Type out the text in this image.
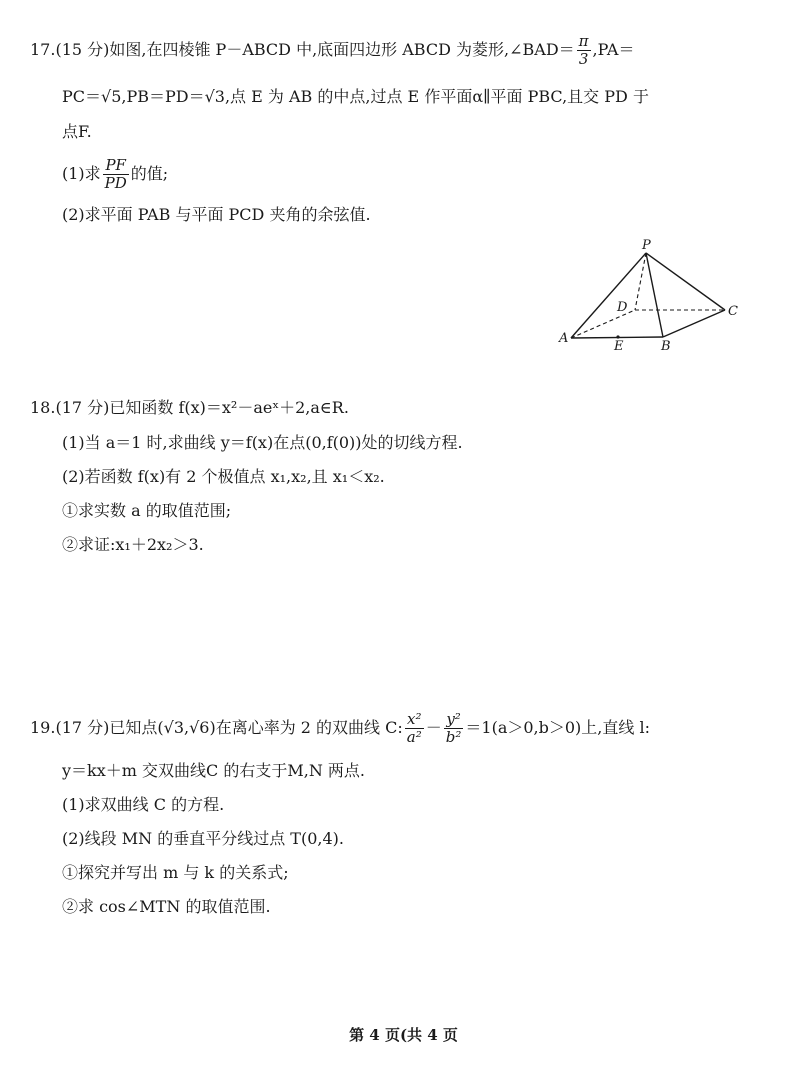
17.(15 分)如图,在四棱锥 P－ABCD 中,底面四边形 ABCD 为菱形,∠BAD＝ $\frac{\pi}{3} ,PA=$
PC＝√5,PB＝PD＝√3,点 E 为 AB 的中点,过点 E 作平面α∥平面 PBC,且交 PD 于
点F.
(1)求 $\frac{PF}{PD}$ 的值;
(2)求平面 PAB 与平面 PCD 夹角的余弦值.
P
D	C
A
E	B
18.(17 分)已知函数 f(x)＝x²－aeˣ＋2,a∈R.
(1)当 a＝1 时,求曲线 y＝f(x)在点(0,f(0))处的切线方程.
(2)若函数 f(x)有 2 个极值点 x₁,x₂,且 x₁＜x₂.
①求实数 a 的取值范围;
②求证:x₁＋2x₂＞3.
19.(17 分)已知点(√3,√6)在离心率为 2 的双曲线 C: $\frac{\text{x²}}{\text{a²}} - \frac{\text{y²}}{\text{b²}} =1(a>0,b>0)$上,直线 l:
y＝kx＋m 交双曲线C 的右支于M,N 两点.
(1)求双曲线 C 的方程.
(2)线段 MN 的垂直平分线过点 T(0,4).
①探究并写出 m 与 k 的关系式;
②求 cos∠MTN 的取值范围.
第 4 页(共 4 页
